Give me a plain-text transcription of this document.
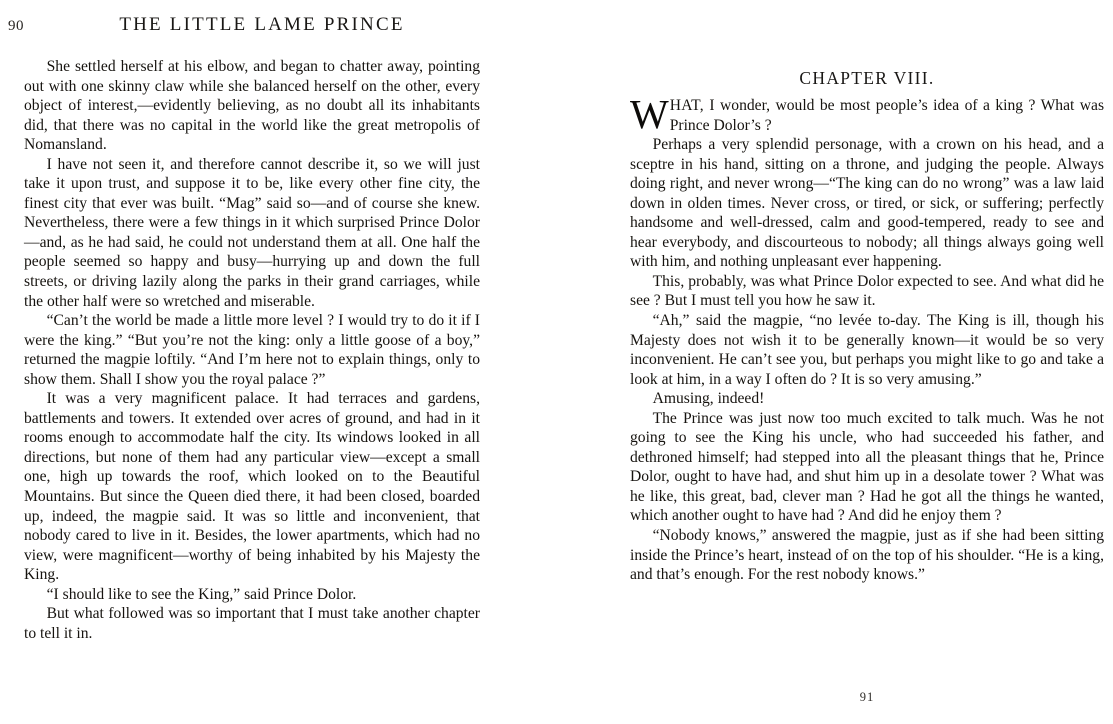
90	THE LITTLE LAME PRINCE

She settled herself at his elbow, and began to chatter away, pointing out with one skinny claw while she balanced herself on the other, every object of interest,—evidently believing, as no doubt all its inhabitants did, that there was no capital in the world like the great metropolis of Nomansland.

I have not seen it, and therefore cannot describe it, so we will just take it upon trust, and suppose it to be, like every other fine city, the finest city that ever was built. “Mag” said so—and of course she knew. Nevertheless, there were a few things in it which surprised Prince Dolor—and, as he had said, he could not understand them at all. One half the people seemed so happy and busy—hurrying up and down the full streets, or driving lazily along the parks in their grand carriages, while the other half were so wretched and miserable.

“Can’t the world be made a little more level ? I would try to do it if I were the king.” “But you’re not the king: only a little goose of a boy,” returned the magpie loftily. “And I’m here not to explain things, only to show them. Shall I show you the royal palace ?”

It was a very magnificent palace. It had terraces and gardens, battlements and towers. It extended over acres of ground, and had in it rooms enough to accommodate half the city. Its windows looked in all directions, but none of them had any particular view—except a small one, high up towards the roof, which looked on to the Beautiful Mountains. But since the Queen died there, it had been closed, boarded up, indeed, the magpie said. It was so little and inconvenient, that nobody cared to live in it. Besides, the lower apartments, which had no view, were magnificent—worthy of being inhabited by his Majesty the King.

“I should like to see the King,” said Prince Dolor.

But what followed was so important that I must take another chapter to tell it in.

CHAPTER VIII.

WHAT, I wonder, would be most people’s idea of a king ? What was Prince Dolor’s ?

Perhaps a very splendid personage, with a crown on his head, and a sceptre in his hand, sitting on a throne, and judging the people. Always doing right, and never wrong—“The king can do no wrong” was a law laid down in olden times. Never cross, or tired, or sick, or suffering; perfectly handsome and well-dressed, calm and good-tempered, ready to see and hear everybody, and discourteous to nobody; all things always going well with him, and nothing unpleasant ever happening.

This, probably, was what Prince Dolor expected to see. And what did he see ? But I must tell you how he saw it.

“Ah,” said the magpie, “no levée to-day. The King is ill, though his Majesty does not wish it to be generally known—it would be so very inconvenient. He can’t see you, but perhaps you might like to go and take a look at him, in a way I often do ? It is so very amusing.”

Amusing, indeed!

The Prince was just now too much excited to talk much. Was he not going to see the King his uncle, who had succeeded his father, and dethroned himself; had stepped into all the pleasant things that he, Prince Dolor, ought to have had, and shut him up in a desolate tower ? What was he like, this great, bad, clever man ? Had he got all the things he wanted, which another ought to have had ? And did he enjoy them ?

“Nobody knows,” answered the magpie, just as if she had been sitting inside the Prince’s heart, instead of on the top of his shoulder. “He is a king, and that’s enough. For the rest nobody knows.”

91
